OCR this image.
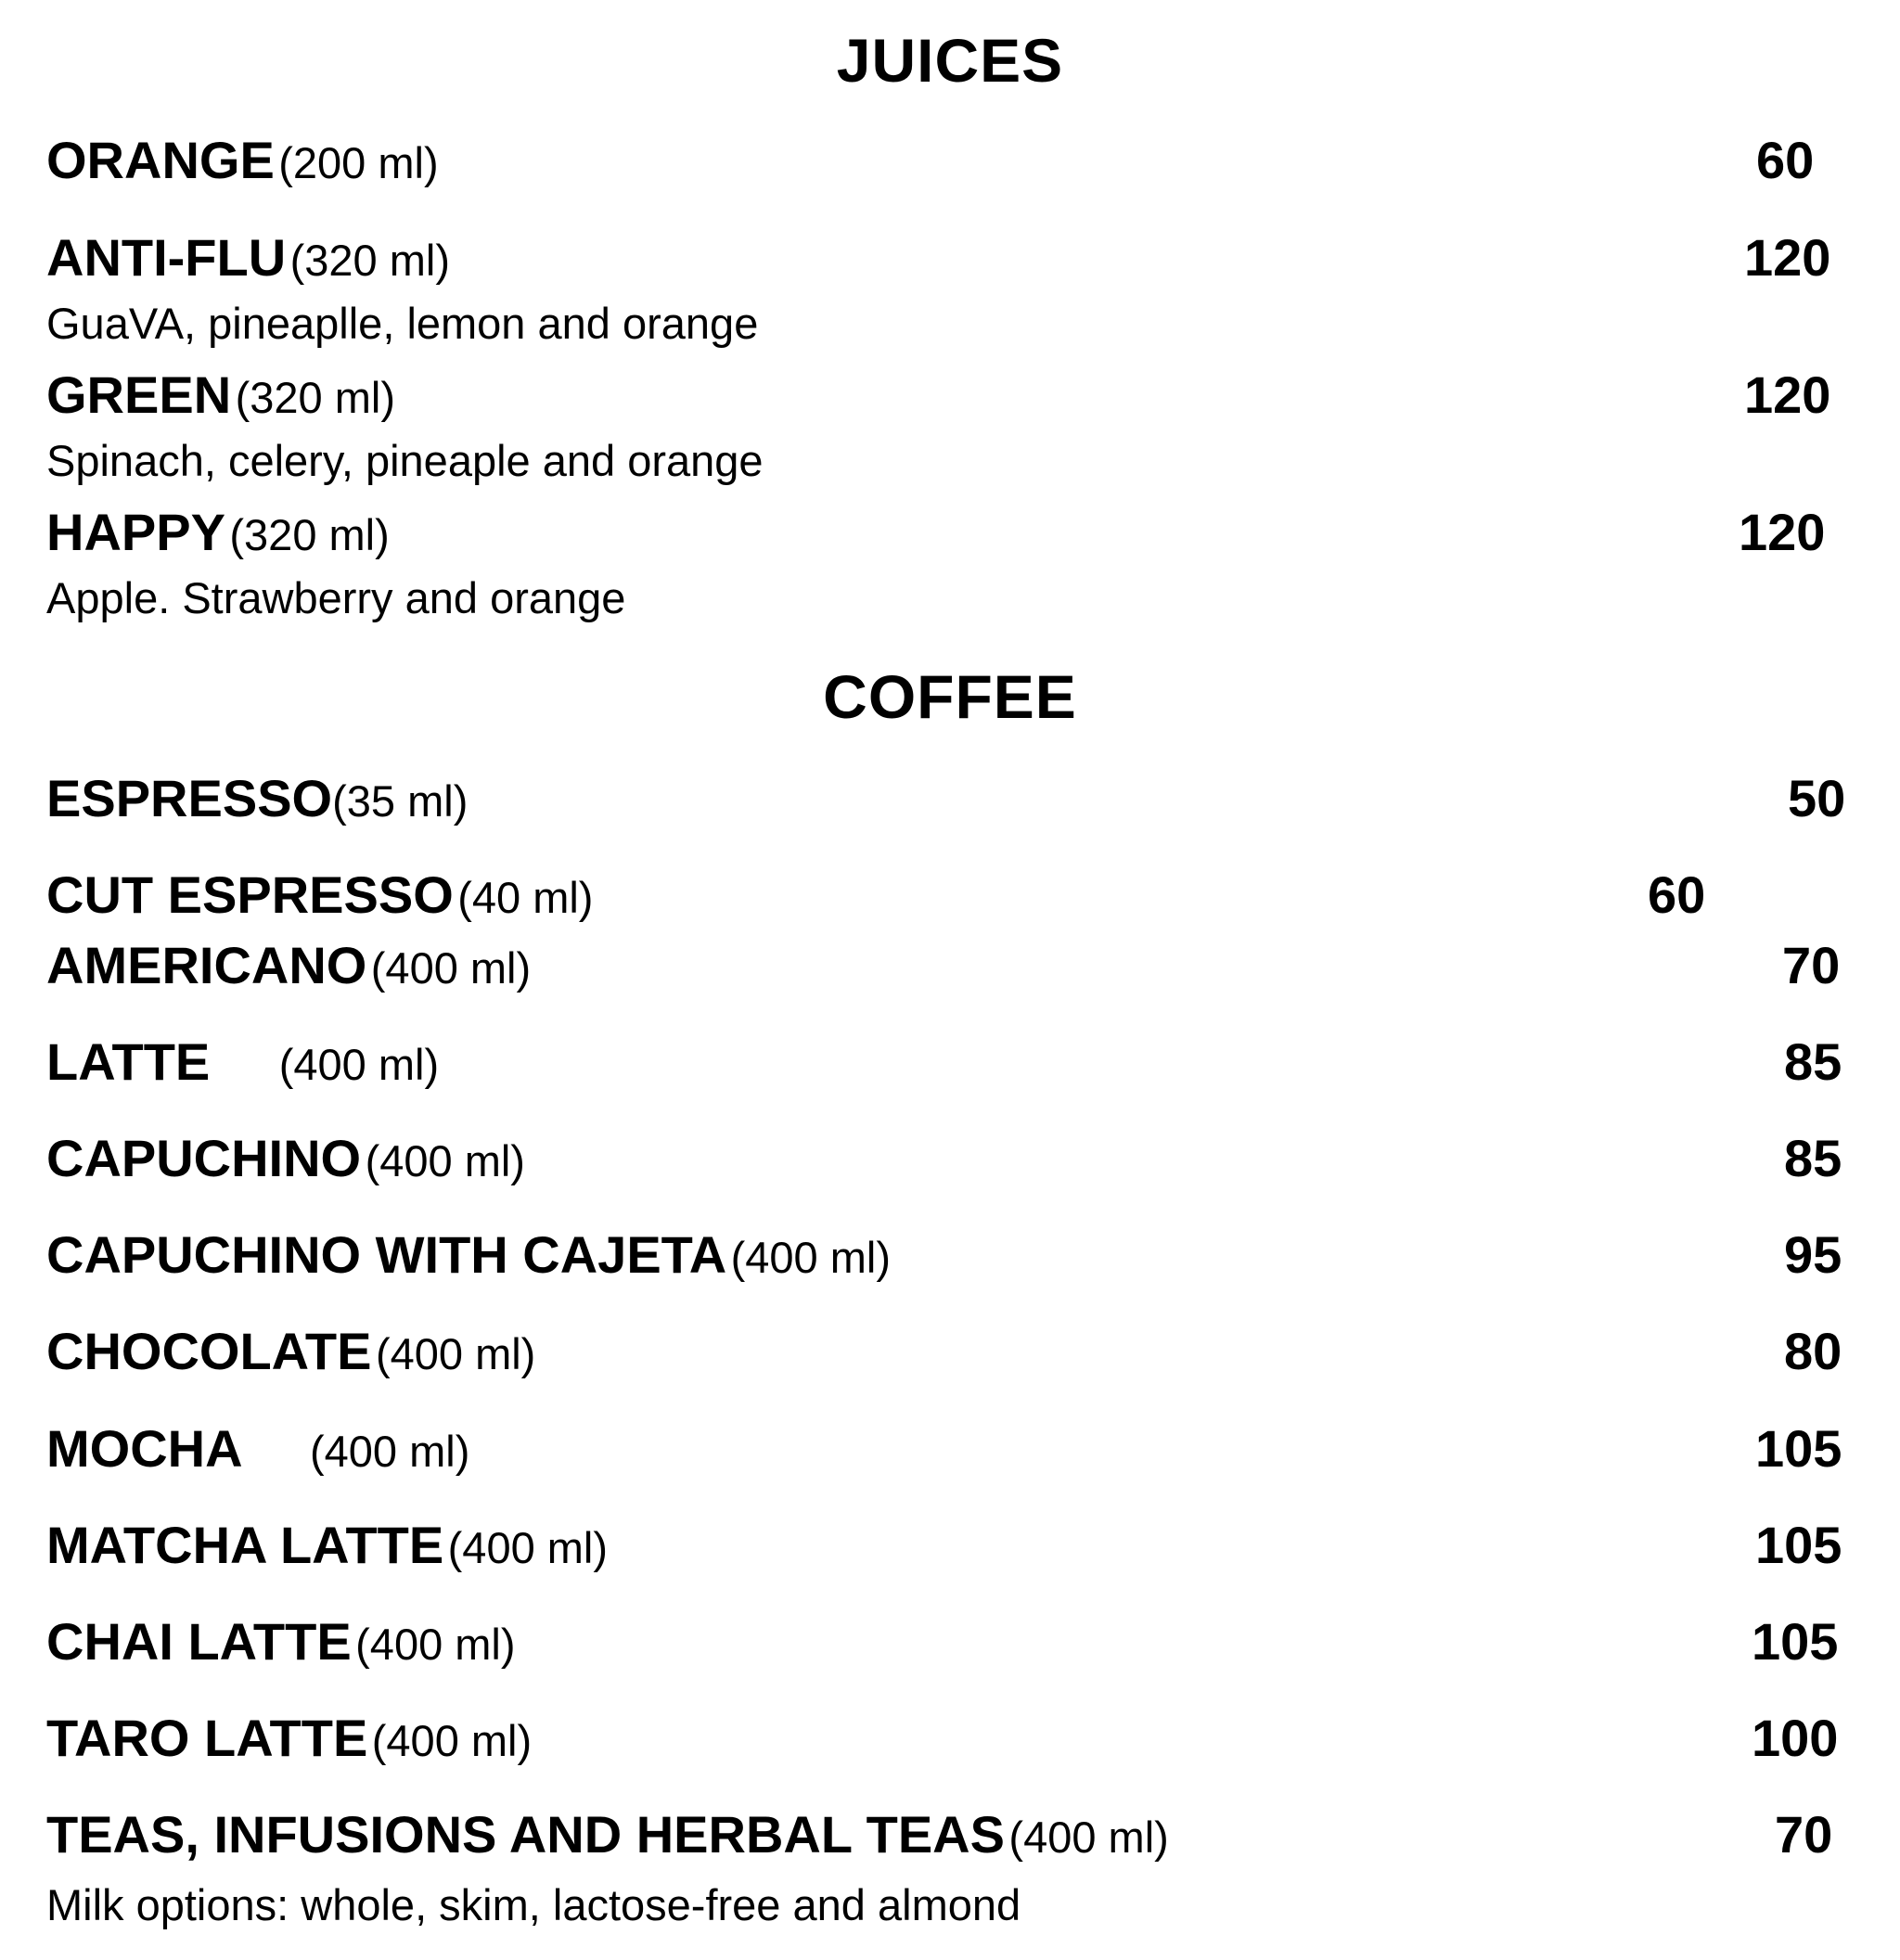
JUICES
ORANGE (200 ml)	60
ANTI-FLU (320 ml)	120
GuaVA, pineaplle, lemon and orange
GREEN (320 ml)	120
Spinach, celery, pineaple and orange
HAPPY (320 ml)	120
Apple. Strawberry and orange
COFFEE
ESPRESSO(35 ml)	50
CUT ESPRESSO (40 ml)	60
AMERICANO (400 ml)	70
LATTE (400 ml)	85
CAPUCHINO (400 ml)	85
CAPUCHINO WITH CAJETA (400 ml)	95
CHOCOLATE (400 ml)	80
MOCHA (400 ml)	105
MATCHA LATTE (400 ml)	105
CHAI LATTE (400 ml)	105
TARO LATTE (400 ml)	100
TEAS, INFUSIONS AND HERBAL TEAS (400 ml)	70
Milk options: whole, skim, lactose-free and almond
